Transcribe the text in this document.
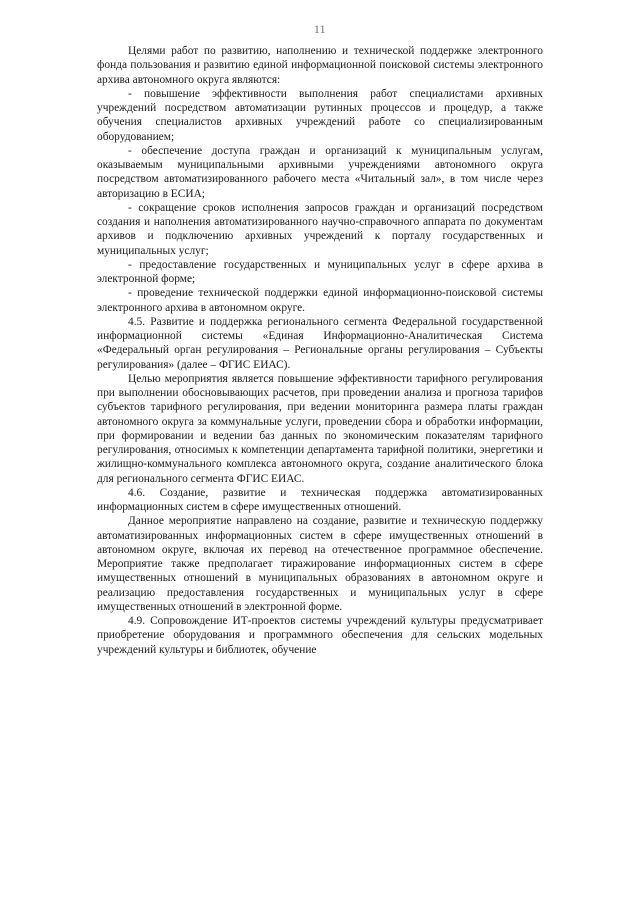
11

Целями работ по развитию, наполнению и технической поддержке электронного фонда пользования и развитию единой информационной поисковой системы электронного архива автономного округа являются:

- повышение эффективности выполнения работ специалистами архивных учреждений посредством автоматизации рутинных процессов и процедур, а также обучения специалистов архивных учреждений работе со специализированным оборудованием;

- обеспечение доступа граждан и организаций к муниципальным услугам, оказываемым муниципальными архивными учреждениями автономного округа посредством автоматизированного рабочего места «Читальный зал», в том числе через авторизацию в ЕСИА;

- сокращение сроков исполнения запросов граждан и организаций посредством создания и наполнения автоматизированного научно-справочного аппарата по документам архивов и подключению архивных учреждений к порталу государственных и муниципальных услуг;

- предоставление государственных и муниципальных услуг в сфере архива в электронной форме;

- проведение технической поддержки единой информационно-поисковой системы электронного архива в автономном округе.

4.5. Развитие и поддержка регионального сегмента Федеральной государственной информационной системы «Единая Информационно-Аналитическая Система «Федеральный орган регулирования – Региональные органы регулирования – Субъекты регулирования» (далее – ФГИС ЕИАС).

Целью мероприятия является повышение эффективности тарифного регулирования при выполнении обосновывающих расчетов, при проведении анализа и прогноза тарифов субъектов тарифного регулирования, при ведении мониторинга размера платы граждан автономного округа за коммунальные услуги, проведении сбора и обработки информации, при формировании и ведении баз данных по экономическим показателям тарифного регулирования, относимых к компетенции департамента тарифной политики, энергетики и жилищно-коммунального комплекса автономного округа, создание аналитического блока для регионального сегмента ФГИС ЕИАС.

4.6. Создание, развитие и техническая поддержка автоматизированных информационных систем в сфере имущественных отношений.

Данное мероприятие направлено на создание, развитие и техническую поддержку автоматизированных информационных систем в сфере имущественных отношений в автономном округе, включая их перевод на отечественное программное обеспечение. Мероприятие также предполагает тиражирование информационных систем в сфере имущественных отношений в муниципальных образованиях в автономном округе и реализацию предоставления государственных и муниципальных услуг в сфере имущественных отношений в электронной форме.

4.9. Сопровождение ИТ-проектов системы учреждений культуры предусматривает приобретение оборудования и программного обеспечения для сельских модельных учреждений культуры и библиотек, обучение
